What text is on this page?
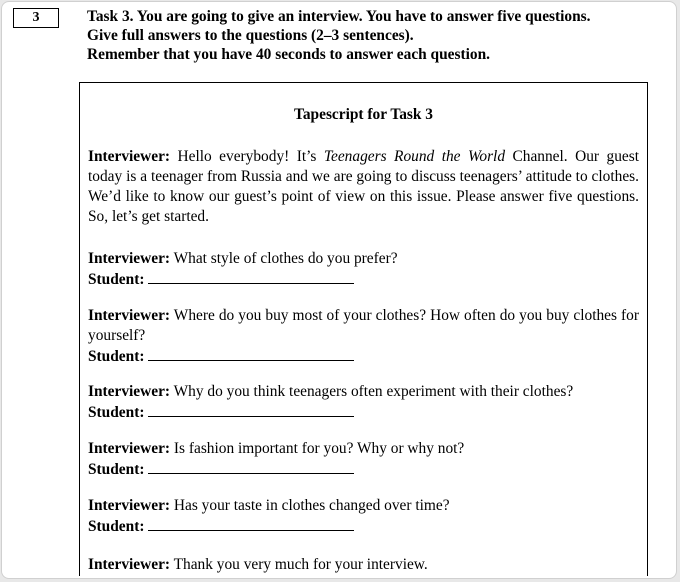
3	Task 3. You are going to give an interview. You have to answer five questions.
Give full answers to the questions (2–3 sentences).
Remember that you have 40 seconds to answer each question.
Tapescript for Task 3
Interviewer: Hello everybody! It’s Teenagers Round the World Channel. Our guest today is a teenager from Russia and we are going to discuss teenagers’ attitude to clothes. We’d like to know our guest’s point of view on this issue. Please answer five questions. So, let’s get started.
Interviewer: What style of clothes do you prefer?
Student:
Interviewer: Where do you buy most of your clothes? How often do you buy clothes for yourself?
Student:
Interviewer: Why do you think teenagers often experiment with their clothes?
Student:
Interviewer: Is fashion important for you? Why or why not?
Student:
Interviewer: Has your taste in clothes changed over time?
Student:
Interviewer: Thank you very much for your interview.
